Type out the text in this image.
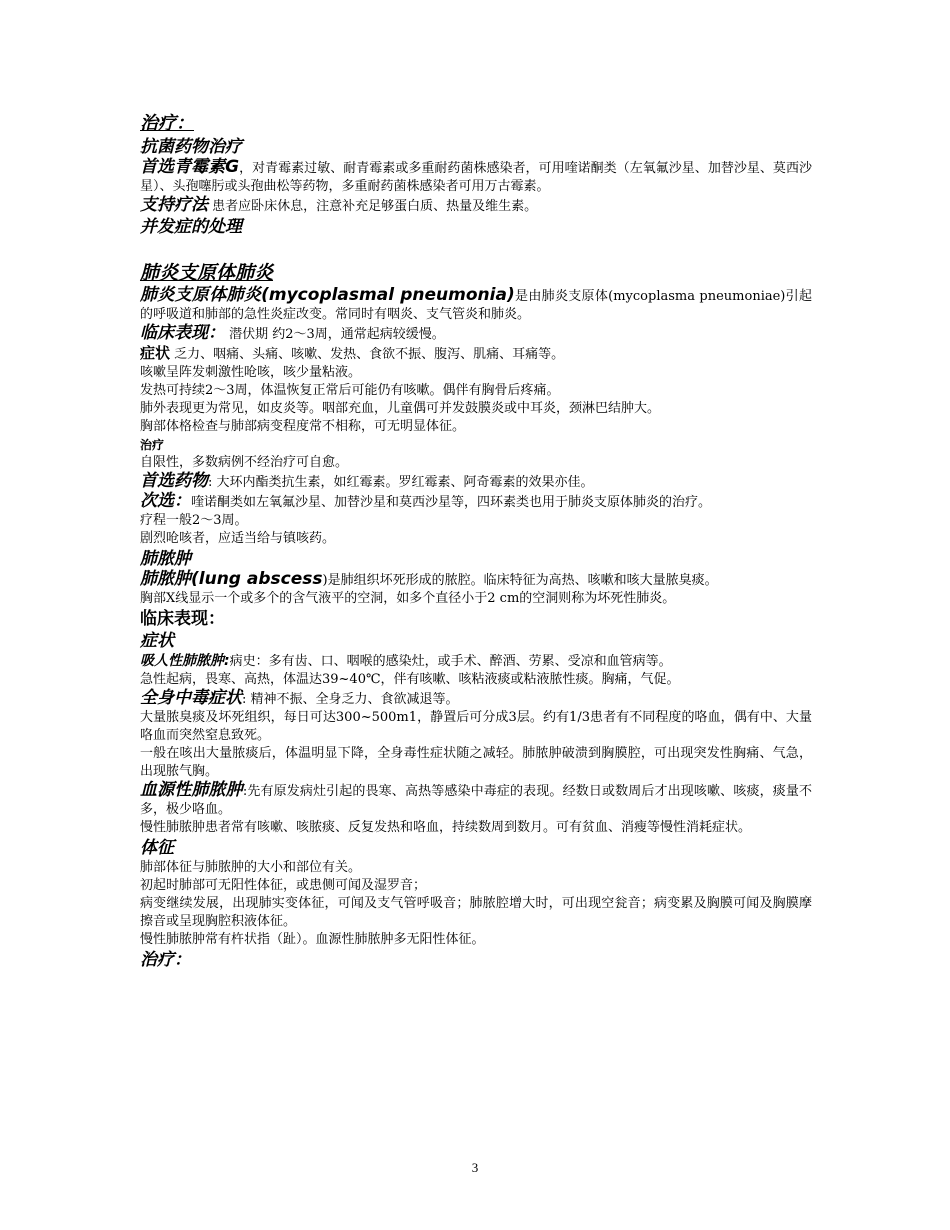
治疗：

抗菌药物治疗

首选青霉素G，对青霉素过敏、耐青霉素或多重耐药菌株感染者，可用喹诺酮类（左氧氟沙星、加替沙星、莫西沙星）、头孢噻肟或头孢曲松等药物，多重耐药菌株感染者可用万古霉素。

支持疗法 患者应卧床休息，注意补充足够蛋白质、热量及维生素。

并发症的处理

肺炎支原体肺炎

肺炎支原体肺炎(mycoplasmal pneumonia)是由肺炎支原体(mycoplasma pneumoniae)引起的呼吸道和肺部的急性炎症改变。常同时有咽炎、支气管炎和肺炎。

临床表现： 潜伏期 约2～3周，通常起病较缓慢。

症状 乏力、咽痛、头痛、咳嗽、发热、食欲不振、腹泻、肌痛、耳痛等。

咳嗽呈阵发刺激性呛咳，咳少量粘液。

发热可持续2～3周，体温恢复正常后可能仍有咳嗽。偶伴有胸骨后疼痛。

肺外表现更为常见，如皮炎等。咽部充血，儿童偶可并发鼓膜炎或中耳炎，颈淋巴结肿大。

胸部体格检查与肺部病变程度常不相称，可无明显体征。

治疗

自限性，多数病例不经治疗可自愈。

首选药物: 大环内酯类抗生素，如红霉素。罗红霉素、阿奇霉素的效果亦佳。

次选：喹诺酮类如左氧氟沙星、加替沙星和莫西沙星等，四环素类也用于肺炎支原体肺炎的治疗。

疗程一般2～3周。

剧烈呛咳者，应适当给与镇咳药。

肺脓肿

肺脓肿(lung abscess)是肺组织坏死形成的脓腔。临床特征为高热、咳嗽和咳大量脓臭痰。

胸部X线显示一个或多个的含气液平的空洞，如多个直径小于2 cm的空洞则称为坏死性肺炎。

临床表现：

症状

吸人性肺脓肿:病史：多有齿、口、咽喉的感染灶，或手术、醉酒、劳累、受凉和血管病等。

急性起病，畏寒、高热，体温达39~40℃，伴有咳嗽、咳粘液痰或粘液脓性痰。胸痛，气促。

全身中毒症状: 精神不振、全身乏力、食欲减退等。

大量脓臭痰及坏死组织，每日可达300~500m1，静置后可分成3层。约有1/3患者有不同程度的咯血，偶有中、大量咯血而突然窒息致死。

一般在咳出大量脓痰后，体温明显下降，全身毒性症状随之减轻。肺脓肿破溃到胸膜腔，可出现突发性胸痛、气急，出现脓气胸。

血源性肺脓肿:先有原发病灶引起的畏寒、高热等感染中毒症的表现。经数日或数周后才出现咳嗽、咳痰，痰量不多，极少咯血。

慢性肺脓肿患者常有咳嗽、咳脓痰、反复发热和咯血，持续数周到数月。可有贫血、消瘦等慢性消耗症状。

体征

肺部体征与肺脓肿的大小和部位有关。

初起时肺部可无阳性体征，或患侧可闻及湿罗音；

病变继续发展，出现肺实变体征，可闻及支气管呼吸音；肺脓腔增大时，可出现空瓮音；病变累及胸膜可闻及胸膜摩擦音或呈现胸腔积液体征。

慢性肺脓肿常有杵状指（趾）。血源性肺脓肿多无阳性体征。

治疗：

3
